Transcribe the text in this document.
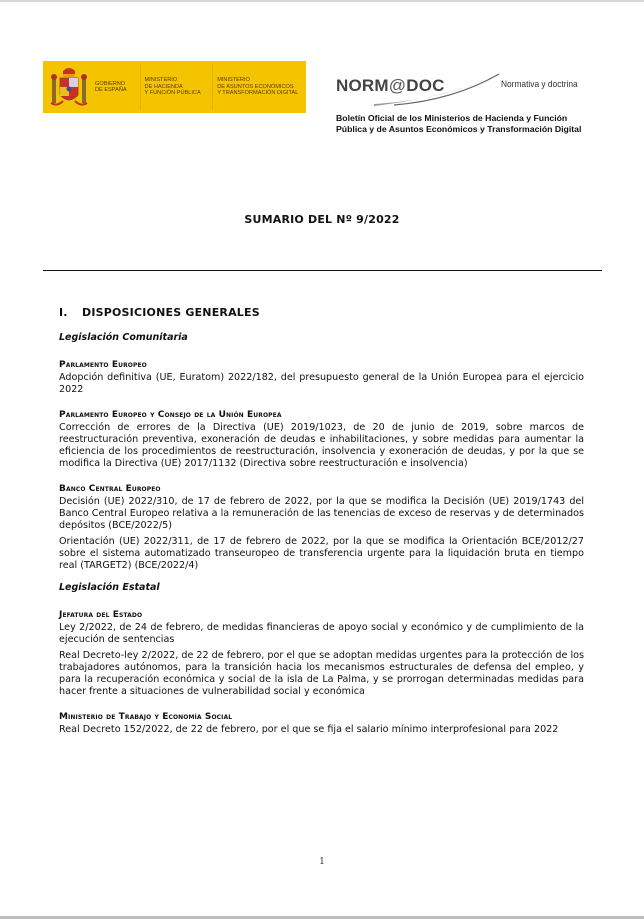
GOBIERNO
DE ESPAÑA
MINISTERIO
DE HACIENDA
Y FUNCIÓN PÚBLICA
MINISTERIO
DE ASUNTOS ECONÓMICOS
Y TRANSFORMACIÓN DIGITAL	NORM@DOC	Normativa y doctrina
Boletín Oficial de los Ministerios de Hacienda y Función
Pública y de Asuntos Económicos y Transformación Digital
SUMARIO DEL Nº 9/2022
I. DISPOSICIONES GENERALES
Legislación Comunitaria
Parlamento Europeo
Adopción definitiva (UE, Euratom) 2022/182, del presupuesto general de la Unión Europea para el ejercicio 2022
Parlamento Europeo y Consejo de la Unión Europea
Corrección de errores de la Directiva (UE) 2019/1023, de 20 de junio de 2019, sobre marcos de reestructuración preventiva, exoneración de deudas e inhabilitaciones, y sobre medidas para aumentar la eficiencia de los procedimientos de reestructuración, insolvencia y exoneración de deudas, y por la que se modifica la Directiva (UE) 2017/1132 (Directiva sobre reestructuración e insolvencia)
Banco Central Europeo
Decisión (UE) 2022/310, de 17 de febrero de 2022, por la que se modifica la Decisión (UE) 2019/1743 del Banco Central Europeo relativa a la remuneración de las tenencias de exceso de reservas y de determinados depósitos (BCE/2022/5)
Orientación (UE) 2022/311, de 17 de febrero de 2022, por la que se modifica la Orientación BCE/2012/27 sobre el sistema automatizado transeuropeo de transferencia urgente para la liquidación bruta en tiempo real (TARGET2) (BCE/2022/4)
Legislación Estatal
Jefatura del Estado
Ley 2/2022, de 24 de febrero, de medidas financieras de apoyo social y económico y de cumplimiento de la ejecución de sentencias
Real Decreto-ley 2/2022, de 22 de febrero, por el que se adoptan medidas urgentes para la protección de los trabajadores autónomos, para la transición hacia los mecanismos estructurales de defensa del empleo, y para la recuperación económica y social de la isla de La Palma, y se prorrogan determinadas medidas para hacer frente a situaciones de vulnerabilidad social y económica
Ministerio de Trabajo y Economía Social
Real Decreto 152/2022, de 22 de febrero, por el que se fija el salario mínimo interprofesional para 2022
1
